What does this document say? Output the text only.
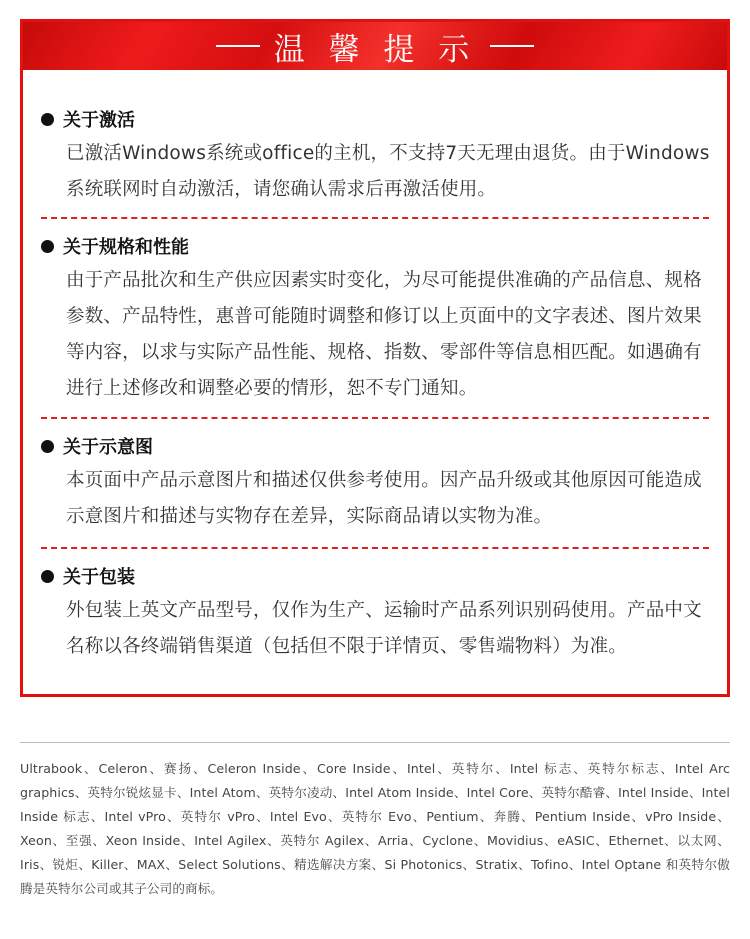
温 馨 提 示
关于激活
已激活Windows系统或office的主机，不支持7天无理由退货。由于Windows系统联网时自动激活，请您确认需求后再激活使用。
关于规格和性能
由于产品批次和生产供应因素实时变化，为尽可能提供准确的产品信息、规格参数、产品特性，惠普可能随时调整和修订以上页面中的文字表述、图片效果等内容，以求与实际产品性能、规格、指数、零部件等信息相匹配。如遇确有进行上述修改和调整必要的情形，恕不专门通知。
关于示意图
本页面中产品示意图片和描述仅供参考使用。因产品升级或其他原因可能造成示意图片和描述与实物存在差异，实际商品请以实物为准。
关于包装
外包装上英文产品型号，仅作为生产、运输时产品系列识别码使用。产品中文名称以各终端销售渠道（包括但不限于详情页、零售端物料）为准。
Ultrabook、Celeron、赛扬、Celeron Inside、Core Inside、Intel、英特尔、Intel 标志、英特尔标志、Intel Arc graphics、英特尔锐炫显卡、Intel Atom、英特尔凌动、Intel Atom Inside、Intel Core、英特尔酷睿、Intel Inside、Intel Inside 标志、Intel vPro、英特尔 vPro、Intel Evo、英特尔 Evo、Pentium、奔腾、Pentium Inside、vPro Inside、Xeon、至强、Xeon Inside、Intel Agilex、英特尔 Agilex、Arria、Cyclone、Movidius、eASIC、Ethernet、以太网、Iris、锐炬、Killer、MAX、Select Solutions、精选解决方案、Si Photonics、Stratix、Tofino、Intel Optane 和英特尔傲腾是英特尔公司或其子公司的商标。
